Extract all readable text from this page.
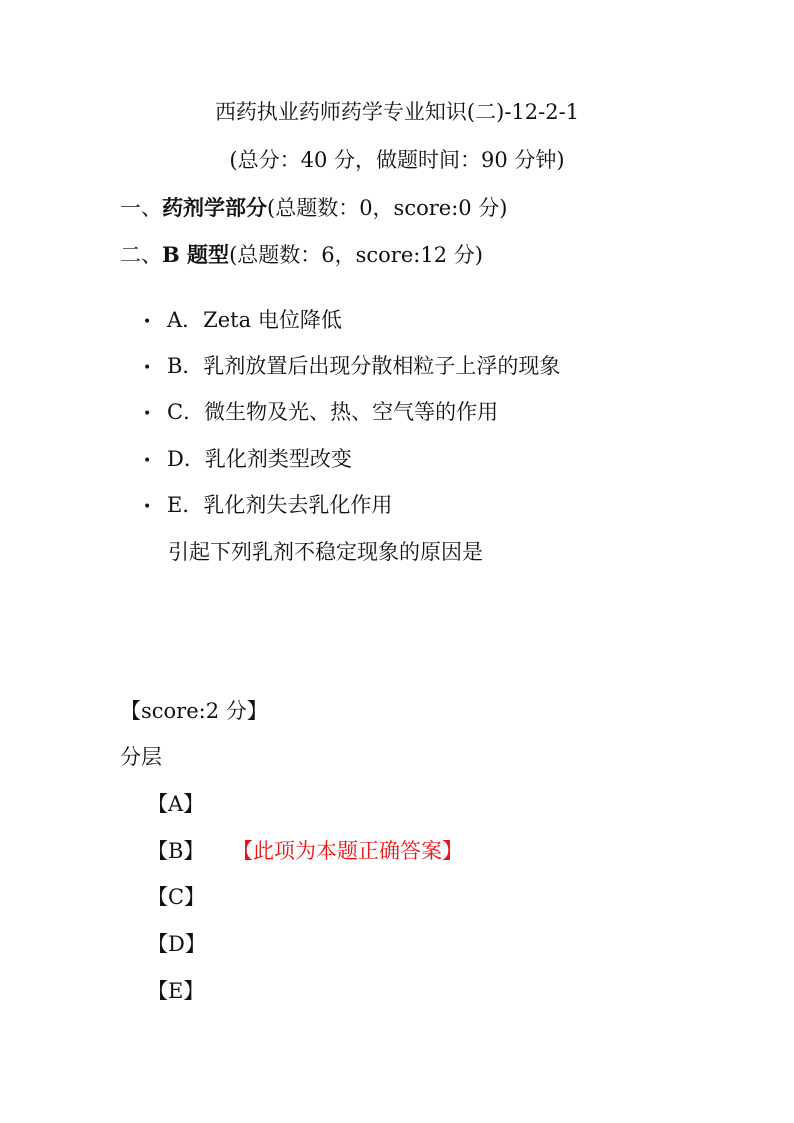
西药执业药师药学专业知识(二)-12-2-1
(总分：40 分，做题时间：90 分钟)
一、药剂学部分(总题数：0，score:0 分)
二、B 题型(总题数：6，score:12 分)
• A．Zeta 电位降低
• B．乳剂放置后出现分散相粒子上浮的现象
• C．微生物及光、热、空气等的作用
• D．乳化剂类型改变
• E．乳化剂失去乳化作用
引起下列乳剂不稳定现象的原因是
【score:2 分】
分层
【A】
【B】 【此项为本题正确答案】
【C】
【D】
【E】
